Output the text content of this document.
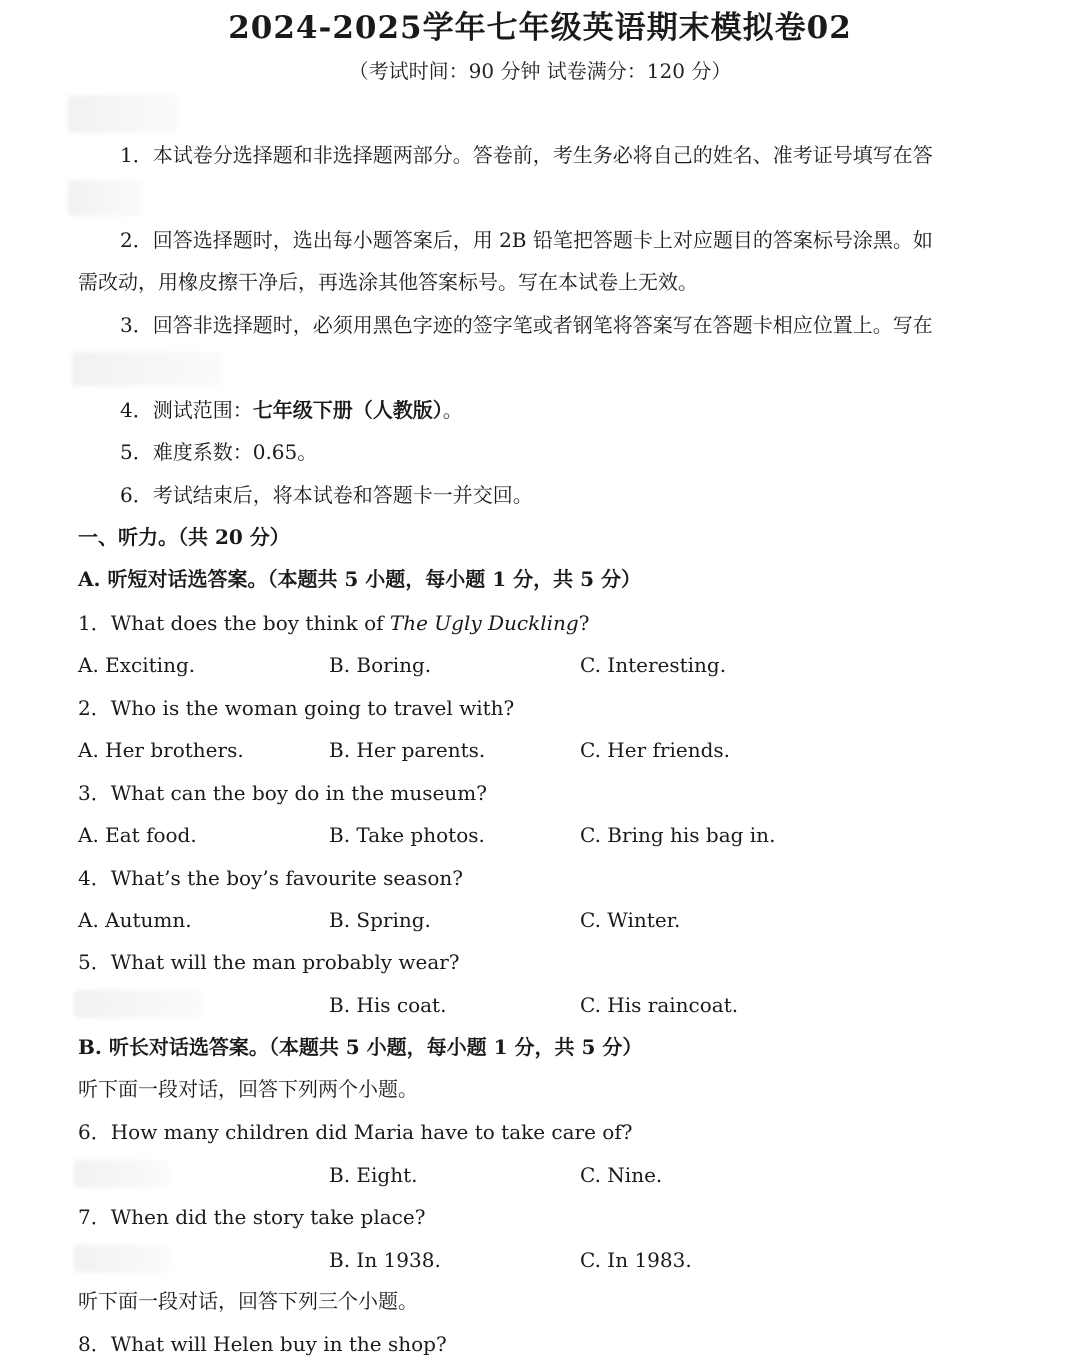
2024-2025学年七年级英语期末模拟卷02
（考试时间：90 分钟 试卷满分：120 分）
1．本试卷分选择题和非选择题两部分。答卷前，考生务必将自己的姓名、准考证号填写在答
2．回答选择题时，选出每小题答案后，用 2B 铅笔把答题卡上对应题目的答案标号涂黑。如
需改动，用橡皮擦干净后，再选涂其他答案标号。写在本试卷上无效。
3．回答非选择题时，必须用黑色字迹的签字笔或者钢笔将答案写在答题卡相应位置上。写在
4．测试范围：七年级下册（人教版）。
5．难度系数：0.65。
6．考试结束后，将本试卷和答题卡一并交回。
一、听力。（共 20 分）
A. 听短对话选答案。（本题共 5 小题，每小题 1 分，共 5 分）
1．What does the boy think of The Ugly Duckling?
A. Exciting.	B. Boring.	C. Interesting.
2．Who is the woman going to travel with?
A. Her brothers.	B. Her parents.	C. Her friends.
3．What can the boy do in the museum?
A. Eat food.	B. Take photos.	C. Bring his bag in.
4．What’s the boy’s favourite season?
A. Autumn.	B. Spring.	C. Winter.
5．What will the man probably wear?
B. His coat.	C. His raincoat.
B. 听长对话选答案。（本题共 5 小题，每小题 1 分，共 5 分）
听下面一段对话，回答下列两个小题。
6．How many children did Maria have to take care of?
B. Eight.	C. Nine.
7．When did the story take place?
B. In 1938.	C. In 1983.
听下面一段对话，回答下列三个小题。
8．What will Helen buy in the shop?
